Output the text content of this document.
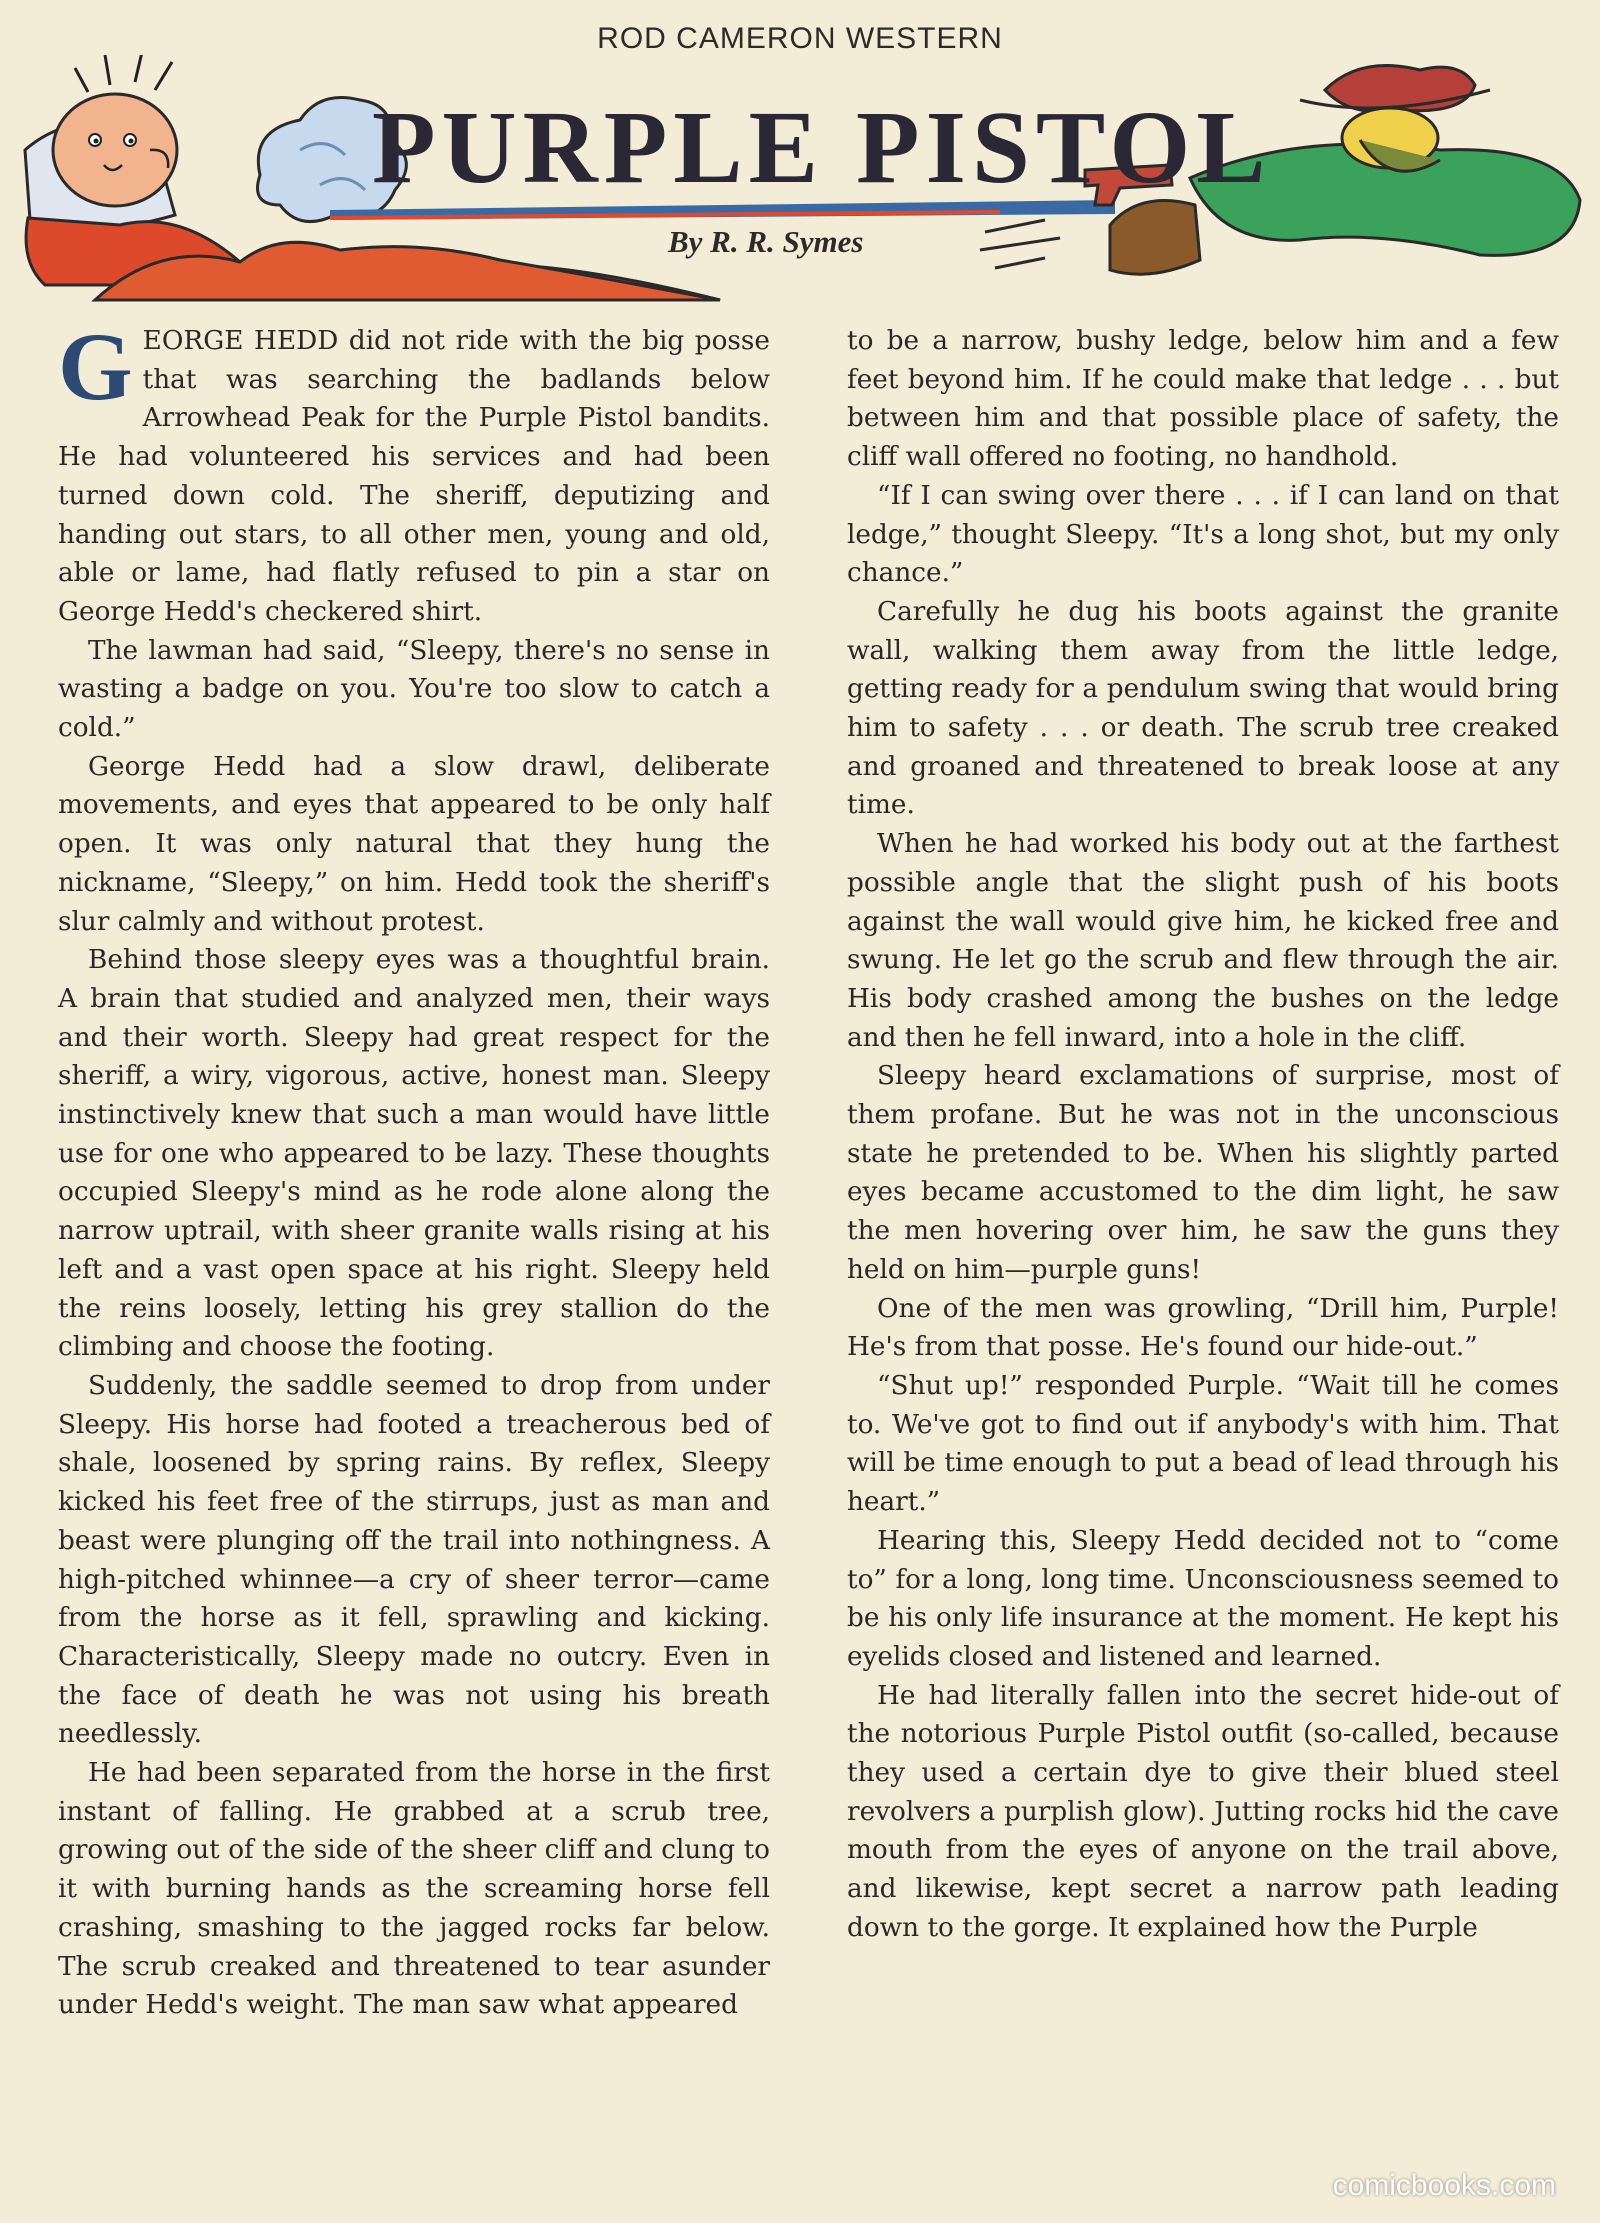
ROD CAMERON WESTERN
PURPLE PISTOL
By R. R. Symes

GEORGE HEDD did not ride with the big posse that was searching the badlands below Arrowhead Peak for the Purple Pistol bandits. He had volunteered his services and had been turned down cold. The sheriff, deputizing and handing out stars, to all other men, young and old, able or lame, had flatly refused to pin a star on George Hedd's checkered shirt.

The lawman had said, “Sleepy, there's no sense in wasting a badge on you. You're too slow to catch a cold.”

George Hedd had a slow drawl, deliberate movements, and eyes that appeared to be only half open. It was only natural that they hung the nickname, “Sleepy,” on him. Hedd took the sheriff's slur calmly and without protest.

Behind those sleepy eyes was a thoughtful brain. A brain that studied and analyzed men, their ways and their worth. Sleepy had great respect for the sheriff, a wiry, vigorous, active, honest man. Sleepy instinctively knew that such a man would have little use for one who appeared to be lazy. These thoughts occupied Sleepy's mind as he rode alone along the narrow uptrail, with sheer granite walls rising at his left and a vast open space at his right. Sleepy held the reins loosely, letting his grey stallion do the climbing and choose the footing.

Suddenly, the saddle seemed to drop from under Sleepy. His horse had footed a treacherous bed of shale, loosened by spring rains. By reflex, Sleepy kicked his feet free of the stirrups, just as man and beast were plunging off the trail into nothingness. A high-pitched whinnee—a cry of sheer terror—came from the horse as it fell, sprawling and kicking. Characteristically, Sleepy made no outcry. Even in the face of death he was not using his breath needlessly.

He had been separated from the horse in the first instant of falling. He grabbed at a scrub tree, growing out of the side of the sheer cliff and clung to it with burning hands as the screaming horse fell crashing, smashing to the jagged rocks far below. The scrub creaked and threatened to tear asunder under Hedd's weight. The man saw what appeared

to be a narrow, bushy ledge, below him and a few feet beyond him. If he could make that ledge . . . but between him and that possible place of safety, the cliff wall offered no footing, no handhold.

“If I can swing over there . . . if I can land on that ledge,” thought Sleepy. “It's a long shot, but my only chance.”

Carefully he dug his boots against the granite wall, walking them away from the little ledge, getting ready for a pendulum swing that would bring him to safety . . . or death. The scrub tree creaked and groaned and threatened to break loose at any time.

When he had worked his body out at the farthest possible angle that the slight push of his boots against the wall would give him, he kicked free and swung. He let go the scrub and flew through the air. His body crashed among the bushes on the ledge and then he fell inward, into a hole in the cliff.

Sleepy heard exclamations of surprise, most of them profane. But he was not in the unconscious state he pretended to be. When his slightly parted eyes became accustomed to the dim light, he saw the men hovering over him, he saw the guns they held on him—purple guns!

One of the men was growling, “Drill him, Purple! He's from that posse. He's found our hide-out.”

“Shut up!” responded Purple. “Wait till he comes to. We've got to find out if anybody's with him. That will be time enough to put a bead of lead through his heart.”

Hearing this, Sleepy Hedd decided not to “come to” for a long, long time. Unconsciousness seemed to be his only life insurance at the moment. He kept his eyelids closed and listened and learned.

He had literally fallen into the secret hide-out of the notorious Purple Pistol outfit (so-called, because they used a certain dye to give their blued steel revolvers a purplish glow). Jutting rocks hid the cave mouth from the eyes of anyone on the trail above, and likewise, kept secret a narrow path leading down to the gorge. It explained how the Purple

comicbooks.com
